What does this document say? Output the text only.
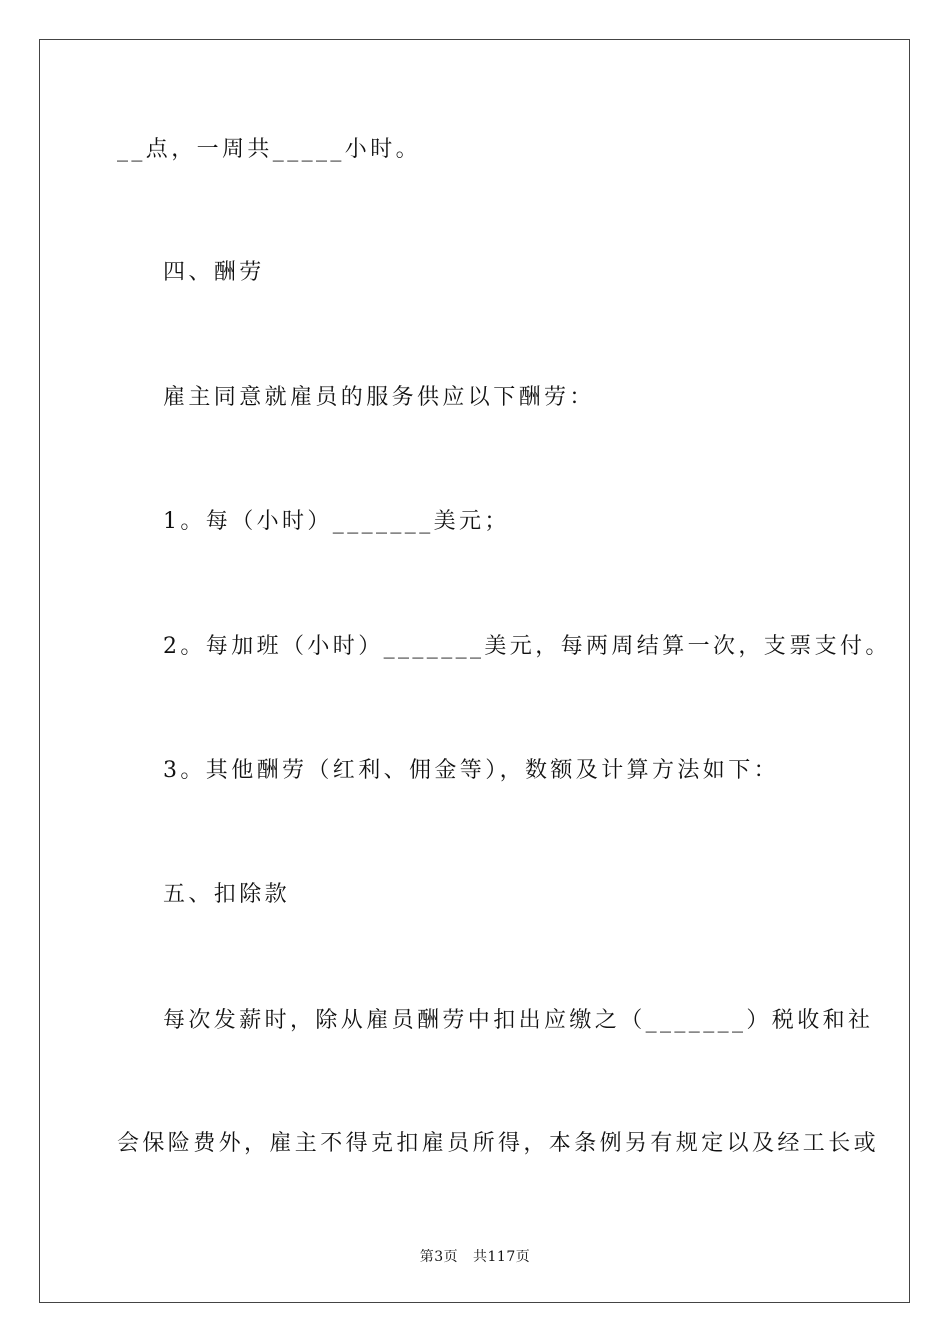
__点，一周共_____小时。
四、酬劳
雇主同意就雇员的服务供应以下酬劳：
1。每（小时）_______美元；
2。每加班（小时）_______美元，每两周结算一次，支票支付。
3。其他酬劳（红利、佣金等），数额及计算方法如下：
五、扣除款
每次发薪时，除从雇员酬劳中扣出应缴之（_______）税收和社
会保险费外，雇主不得克扣雇员所得，本条例另有规定以及经工长或
第3页   共117页
